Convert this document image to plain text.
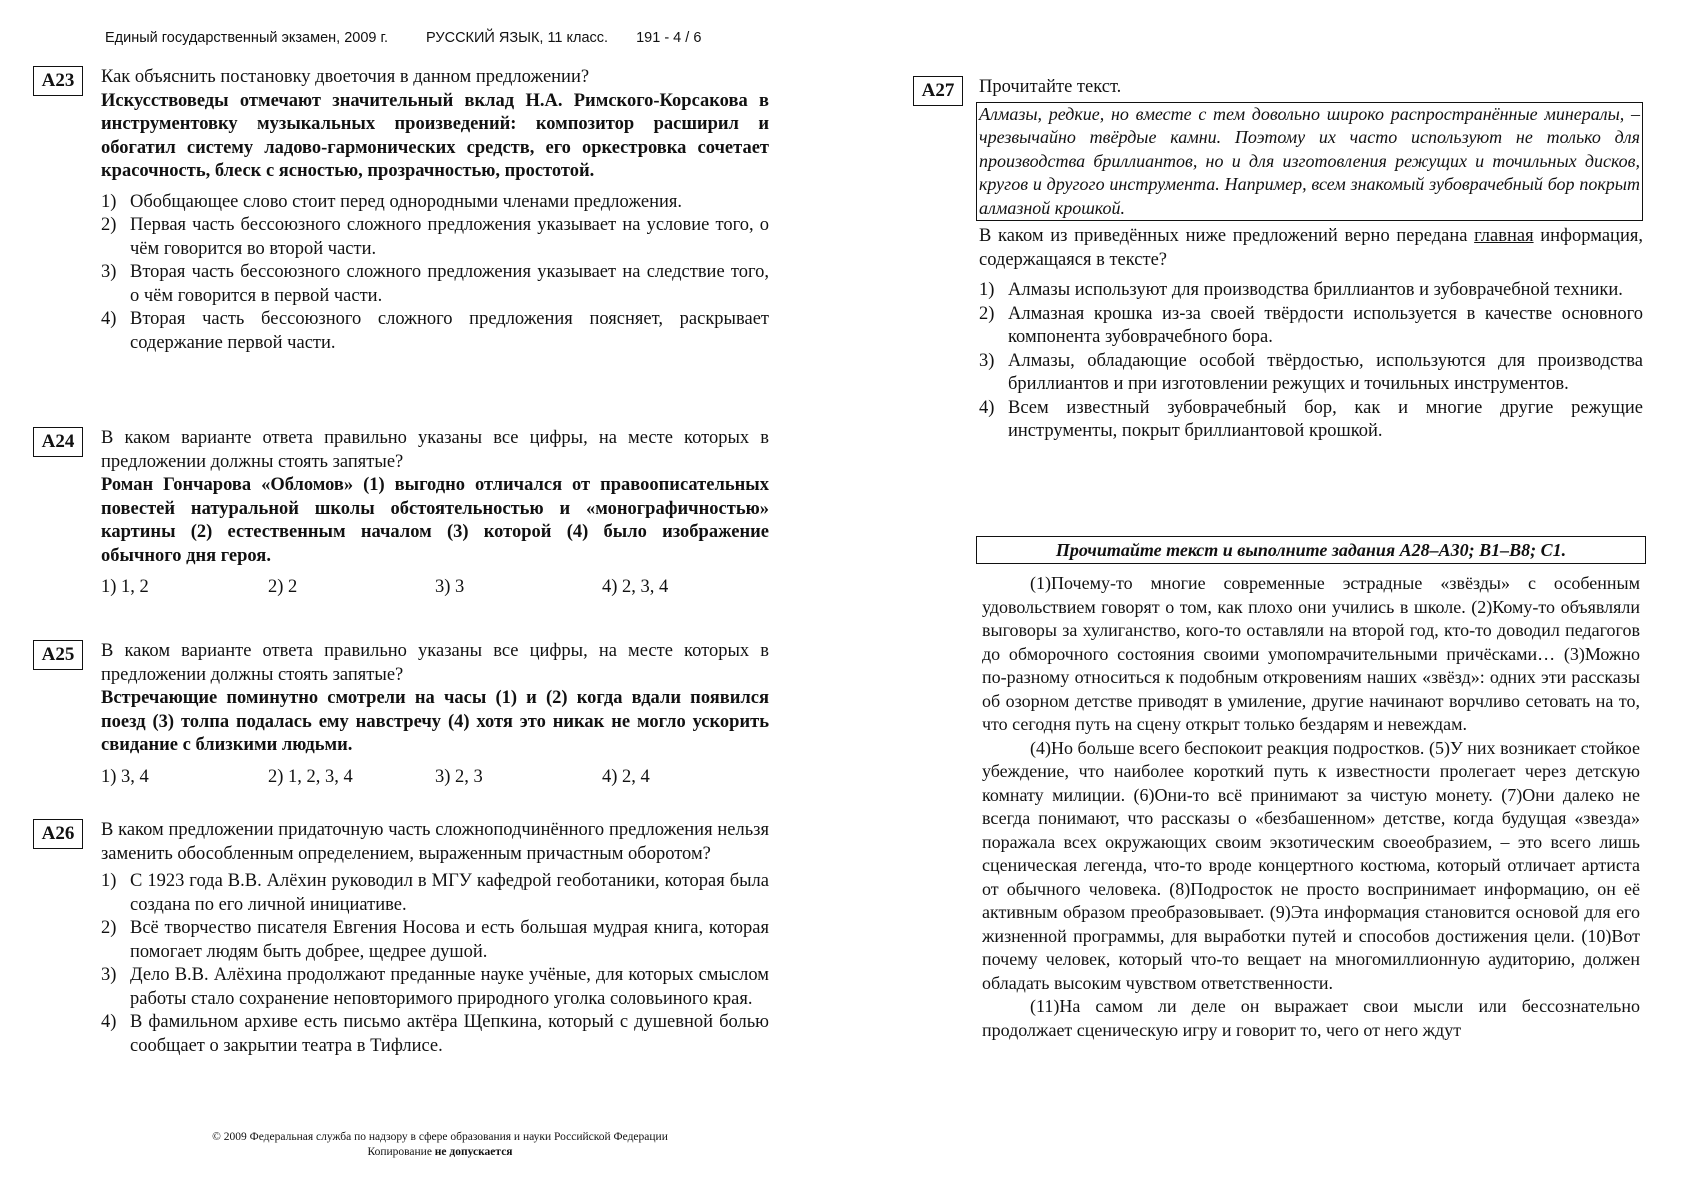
Единый государственный экзамен, 2009 г.	РУССКИЙ ЯЗЫК, 11 класс. 191 - 4 / 6
А23	Как объяснить постановку двоеточия в данном предложении?
Искусствоведы отмечают значительный вклад Н.А. Римского-Корсакова в инструментовку музыкальных произведений: композитор расширил и обогатил систему ладово-гармонических средств, его оркестровка сочетает красочность, блеск с ясностью, прозрачностью, простотой.
1) Обобщающее слово стоит перед однородными членами предложения.
2) Первая часть бессоюзного сложного предложения указывает на условие того, о чём говорится во второй части.
3) Вторая часть бессоюзного сложного предложения указывает на следствие того, о чём говорится в первой части.
4) Вторая часть бессоюзного сложного предложения поясняет, раскрывает содержание первой части.
А24	В каком варианте ответа правильно указаны все цифры, на месте которых в предложении должны стоять запятые?
Роман Гончарова «Обломов» (1) выгодно отличался от правоописательных повестей натуральной школы обстоятельностью и «монографичностью» картины (2) естественным началом (3) которой (4) было изображение обычного дня героя.
1) 1, 2	2) 2	3) 3	4) 2, 3, 4
А25	В каком варианте ответа правильно указаны все цифры, на месте которых в предложении должны стоять запятые?
Встречающие поминутно смотрели на часы (1) и (2) когда вдали появился поезд (3) толпа подалась ему навстречу (4) хотя это никак не могло ускорить свидание с близкими людьми.
1) 3, 4	2) 1, 2, 3, 4	3) 2, 3	4) 2, 4
А26	В каком предложении придаточную часть сложноподчинённого предложения нельзя заменить обособленным определением, выраженным причастным оборотом?
1) С 1923 года В.В. Алёхин руководил в МГУ кафедрой геоботаники, которая была создана по его личной инициативе.
2) Всё творчество писателя Евгения Носова и есть большая мудрая книга, которая помогает людям быть добрее, щедрее душой.
3) Дело В.В. Алёхина продолжают преданные науке учёные, для которых смыслом работы стало сохранение неповторимого природного уголка соловьиного края.
4) В фамильном архиве есть письмо актёра Щепкина, который с душевной болью сообщает о закрытии театра в Тифлисе.
А27	Прочитайте текст.
Алмазы, редкие, но вместе с тем довольно широко распространённые минералы, – чрезвычайно твёрдые камни. Поэтому их часто используют не только для производства бриллиантов, но и для изготовления режущих и точильных дисков, кругов и другого инструмента. Например, всем знакомый зубоврачебный бор покрыт алмазной крошкой.
В каком из приведённых ниже предложений верно передана главная информация, содержащаяся в тексте?
1) Алмазы используют для производства бриллиантов и зубоврачебной техники.
2) Алмазная крошка из-за своей твёрдости используется в качестве основного компонента зубоврачебного бора.
3) Алмазы, обладающие особой твёрдостью, используются для производства бриллиантов и при изготовлении режущих и точильных инструментов.
4) Всем известный зубоврачебный бор, как и многие другие режущие инструменты, покрыт бриллиантовой крошкой.
Прочитайте текст и выполните задания А28–А30; В1–В8; С1.

(1)Почему-то многие современные эстрадные «звёзды» с особенным удовольствием говорят о том, как плохо они учились в школе. (2)Кому-то объявляли выговоры за хулиганство, кого-то оставляли на второй год, кто-то доводил педагогов до обморочного состояния своими умопомрачительными причёсками… (3)Можно по-разному относиться к подобным откровениям наших «звёзд»: одних эти рассказы об озорном детстве приводят в умиление, другие начинают ворчливо сетовать на то, что сегодня путь на сцену открыт только бездарям и невеждам.

(4)Но больше всего беспокоит реакция подростков. (5)У них возникает стойкое убеждение, что наиболее короткий путь к известности пролегает через детскую комнату милиции. (6)Они-то всё принимают за чистую монету. (7)Они далеко не всегда понимают, что рассказы о «безбашенном» детстве, когда будущая «звезда» поражала всех окружающих своим экзотическим своеобразием, – это всего лишь сценическая легенда, что-то вроде концертного костюма, который отличает артиста от обычного человека. (8)Подросток не просто воспринимает информацию, он её активным образом преобразовывает. (9)Эта информация становится основой для его жизненной программы, для выработки путей и способов достижения цели. (10)Вот почему человек, который что-то вещает на многомиллионную аудиторию, должен обладать высоким чувством ответственности.

(11)На самом ли деле он выражает свои мысли или бессознательно продолжает сценическую игру и говорит то, чего от него ждут

© 2009 Федеральная служба по надзору в сфере образования и науки Российской Федерации
Копирование не допускается
